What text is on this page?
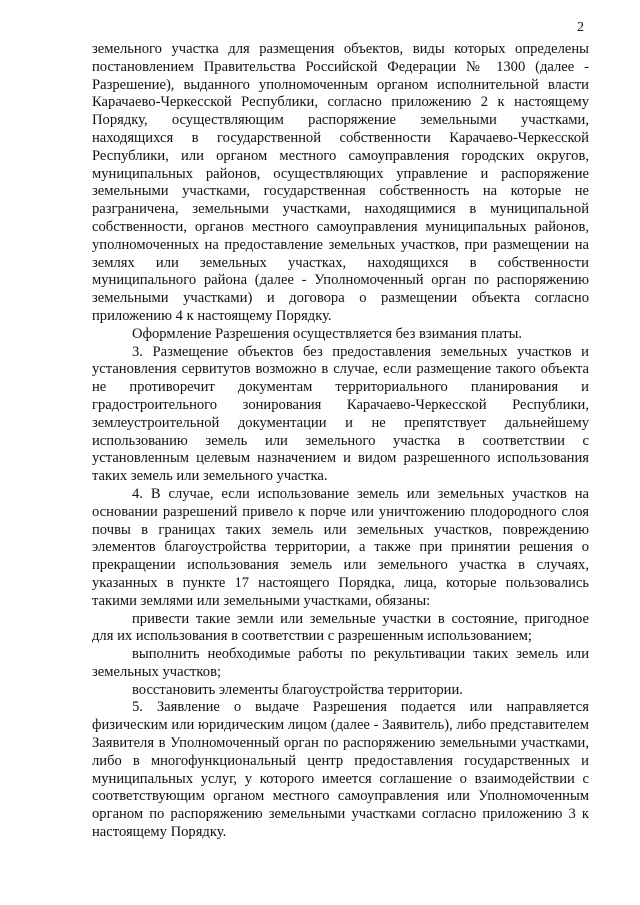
2

земельного участка для размещения объектов, виды которых определены постановлением Правительства Российской Федерации № 1300 (далее - Разрешение), выданного уполномоченным органом исполнительной власти Карачаево-Черкесской Республики, согласно приложению 2 к настоящему Порядку, осуществляющим распоряжение земельными участками, находящихся в государственной собственности Карачаево-Черкесской Республики, или органом местного самоуправления городских округов, муниципальных районов, осуществляющих управление и распоряжение земельными участками, государственная собственность на которые не разграничена, земельными участками, находящимися в муниципальной собственности, органов местного самоуправления муниципальных районов, уполномоченных на предоставление земельных участков, при размещении на землях или земельных участках, находящихся в собственности муниципального района (далее - Уполномоченный орган по распоряжению земельными участками) и договора о размещении объекта согласно приложению 4 к настоящему Порядку.

Оформление Разрешения осуществляется без взимания платы.

3. Размещение объектов без предоставления земельных участков и установления сервитутов возможно в случае, если размещение такого объекта не противоречит документам территориального планирования и градостроительного зонирования Карачаево-Черкесской Республики, землеустроительной документации и не препятствует дальнейшему использованию земель или земельного участка в соответствии с установленным целевым назначением и видом разрешенного использования таких земель или земельного участка.

4. В случае, если использование земель или земельных участков на основании разрешений привело к порче или уничтожению плодородного слоя почвы в границах таких земель или земельных участков, повреждению элементов благоустройства территории, а также при принятии решения о прекращении использования земель или земельного участка в случаях, указанных в пункте 17 настоящего Порядка, лица, которые пользовались такими землями или земельными участками, обязаны:

привести такие земли или земельные участки в состояние, пригодное для их использования в соответствии с разрешенным использованием;

выполнить необходимые работы по рекультивации таких земель или земельных участков;

восстановить элементы благоустройства территории.

5. Заявление о выдаче Разрешения подается или направляется физическим или юридическим лицом (далее - Заявитель), либо представителем Заявителя в Уполномоченный орган по распоряжению земельными участками, либо в многофункциональный центр предоставления государственных и муниципальных услуг, у которого имеется соглашение о взаимодействии с соответствующим органом местного самоуправления или Уполномоченным органом по распоряжению земельными участками согласно приложению 3 к настоящему Порядку.
